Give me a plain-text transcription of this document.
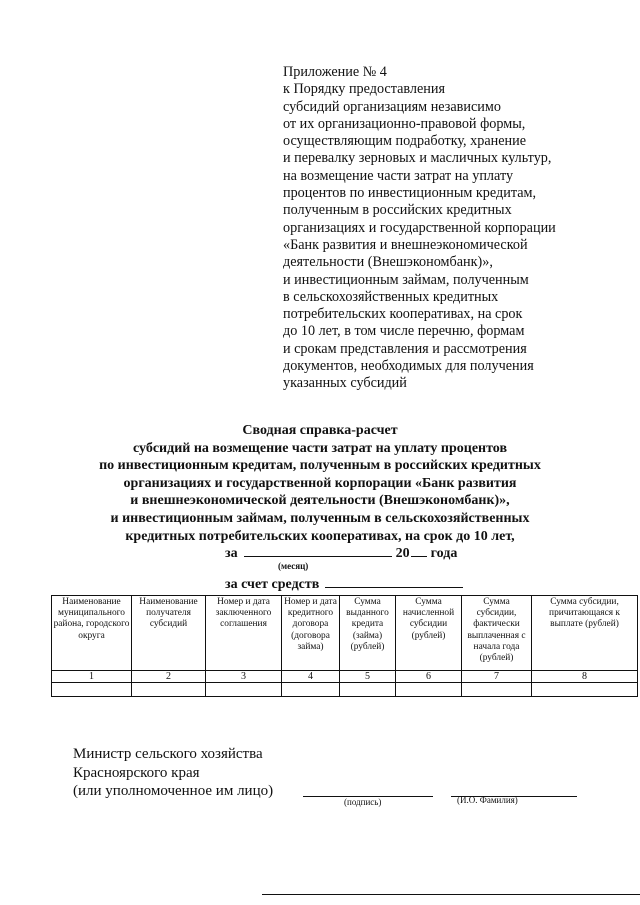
Приложение № 4
к Порядку предоставления
субсидий организациям независимо
от их организационно-правовой формы,
осуществляющим подработку, хранение
и перевалку зерновых и масличных культур,
на возмещение части затрат на уплату
процентов по инвестиционным кредитам,
полученным в российских кредитных
организациях и государственной корпорации
«Банк развития и внешнеэкономической
деятельности (Внешэкономбанк)»,
и инвестиционным займам, полученным
в сельскохозяйственных кредитных
потребительских кооперативах, на срок
до 10 лет, в том числе перечню, формам
и срокам представления и рассмотрения
документов, необходимых для получения
указанных субсидий
Сводная справка-расчет
субсидий на возмещение части затрат на уплату процентов
по инвестиционным кредитам, полученным в российских кредитных
организациях и государственной корпорации «Банк развития
и внешнеэкономической деятельности (Внешэкономбанк)»,
и инвестиционным займам, полученным в сельскохозяйственных
кредитных потребительских кооперативах, на срок до 10 лет,
за	20 года
(месяц)
за счет средств
Наименование муниципального района, городского округа	Наименование получателя субсидий	Номер и дата заключенного соглашения	Номер и дата кредитного договора (договора займа)	Сумма выданного кредита (займа) (рублей)	Сумма начисленной субсидии (рублей)	Сумма субсидии, фактически выплаченная с начала года (рублей)	Сумма субсидии, причитающаяся к выплате (рублей)
1	2	3	4	5	6	7	8

Министр сельского хозяйства
Красноярского края
(или уполномоченное им лицо)
(подпись)	(И.О. Фамилия)
